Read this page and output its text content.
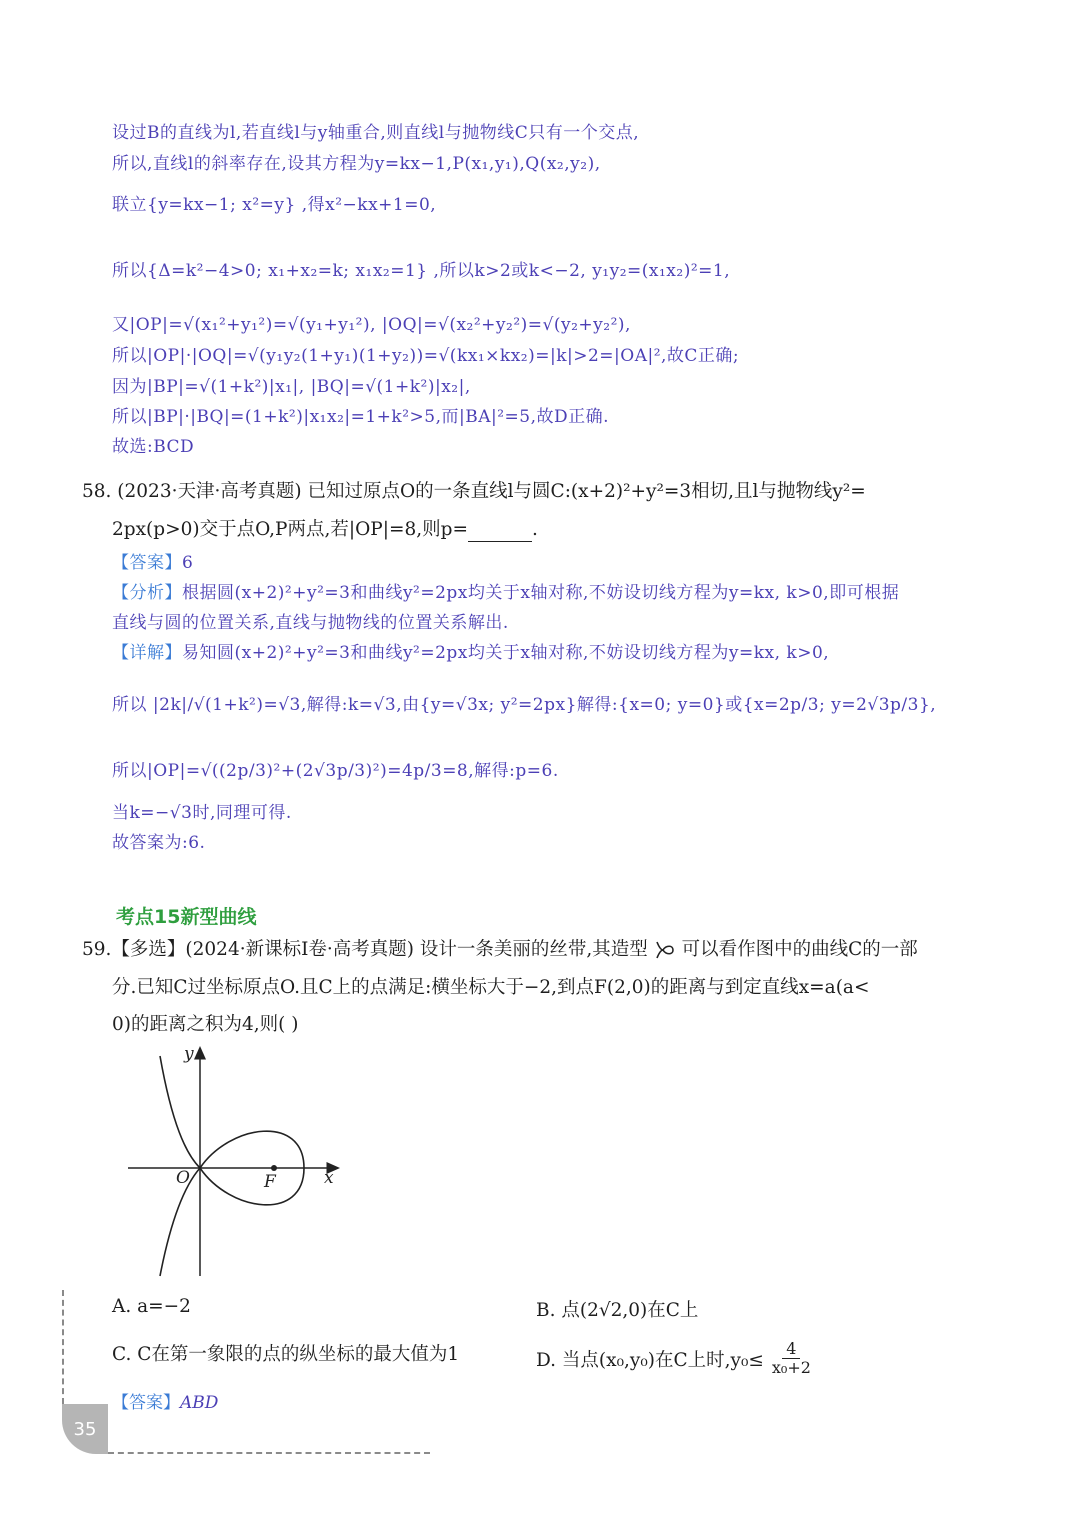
设过B的直线为l,若直线l与y轴重合,则直线l与抛物线C只有一个交点,
所以,直线l的斜率存在,设其方程为y=kx−1,P(x₁,y₁),Q(x₂,y₂),
联立{y=kx−1; x²=y} ,得x²−kx+1=0,
所以{Δ=k²−4>0; x₁+x₂=k; x₁x₂=1} ,所以k>2或k<−2, y₁y₂=(x₁x₂)²=1,
又|OP|=√(x₁²+y₁²)=√(y₁+y₁²), |OQ|=√(x₂²+y₂²)=√(y₂+y₂²),
所以|OP|·|OQ|=√(y₁y₂(1+y₁)(1+y₂))=√(kx₁×kx₂)=|k|>2=|OA|²,故C正确;
因为|BP|=√(1+k²)|x₁|, |BQ|=√(1+k²)|x₂|,
所以|BP|·|BQ|=(1+k²)|x₁x₂|=1+k²>5,而|BA|²=5,故D正确.
故选:BCD
58. (2023·天津·高考真题) 已知过原点O的一条直线l与圆C:(x+2)²+y²=3相切,且l与抛物线y²=
2px(p>0)交于点O,P两点,若|OP|=8,则p=	.
【答案】6
【分析】根据圆(x+2)²+y²=3和曲线y²=2px均关于x轴对称,不妨设切线方程为y=kx, k>0,即可根据
直线与圆的位置关系,直线与抛物线的位置关系解出.
【详解】易知圆(x+2)²+y²=3和曲线y²=2px均关于x轴对称,不妨设切线方程为y=kx, k>0,
所以 |2k|/√(1+k²)=√3,解得:k=√3,由{y=√3x; y²=2px}解得:{x=0; y=0}或{x=2p/3; y=2√3p/3},
所以|OP|=√((2p/3)²+(2√3p/3)²)=4p/3=8,解得:p=6.
当k=−√3时,同理可得.
故答案为:6.
考点15新型曲线
59.【多选】(2024·新课标Ⅰ卷·高考真题) 设计一条美丽的丝带,其造型 可以看作图中的曲线C的一部
分.已知C过坐标原点O.且C上的点满足:横坐标大于−2,到点F(2,0)的距离与到定直线x=a(a<
0)的距离之积为4,则( )
y
x
O	F
A. a=−2	B. 点(2√2,0)在C上
C. C在第一象限的点的纵坐标的最大值为1	D. 当点(x₀,y₀)在C上时$,y_0\le \frac{4}{\text{x₀+2}}$
【答案】ABD
35
